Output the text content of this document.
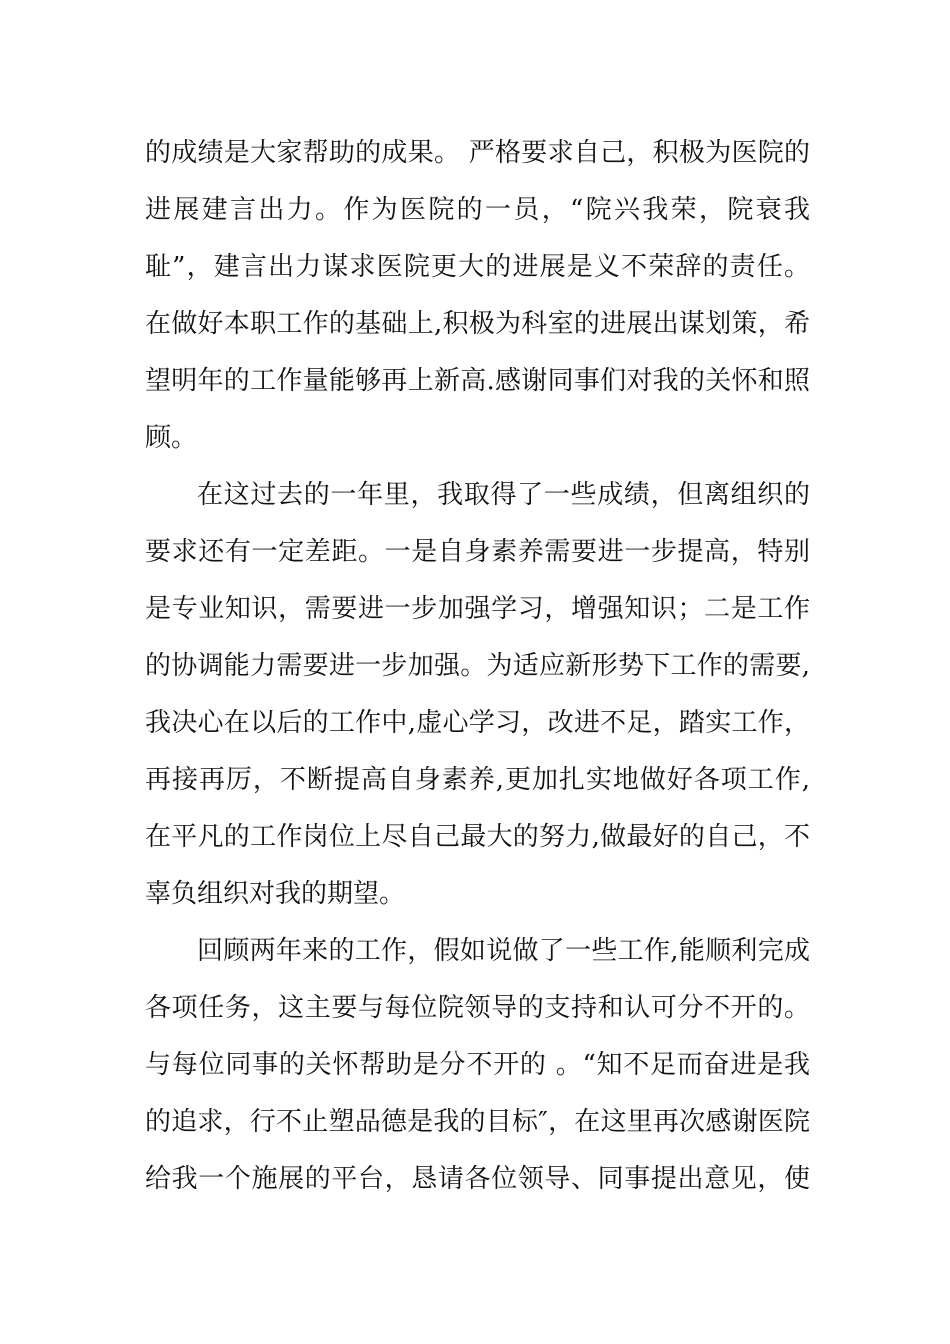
的成绩是大家帮助的成果。 严格要求自己，积极为医院的
进展建言出力。作为医院的一员，“院兴我荣，院衰我
耻”，建言出力谋求医院更大的进展是义不荣辞的责任。
在做好本职工作的基础上,积极为科室的进展出谋划策，希
望明年的工作量能够再上新高.感谢同事们对我的关怀和照
顾。
在这过去的一年里，我取得了一些成绩，但离组织的
要求还有一定差距。一是自身素养需要进一步提高，特别
是专业知识，需要进一步加强学习，增强知识；二是工作
的协调能力需要进一步加强。为适应新形势下工作的需要,
我决心在以后的工作中,虚心学习，改进不足，踏实工作，
再接再厉，不断提高自身素养,更加扎实地做好各项工作,
在平凡的工作岗位上尽自己最大的努力,做最好的自己，不
辜负组织对我的期望。
回顾两年来的工作，假如说做了一些工作,能顺利完成
各项任务，这主要与每位院领导的支持和认可分不开的。
与每位同事的关怀帮助是分不开的 。“知不足而奋进是我
的追求，行不止塑品德是我的目标″，在这里再次感谢医院
给我一个施展的平台，恳请各位领导、同事提出意见，使
